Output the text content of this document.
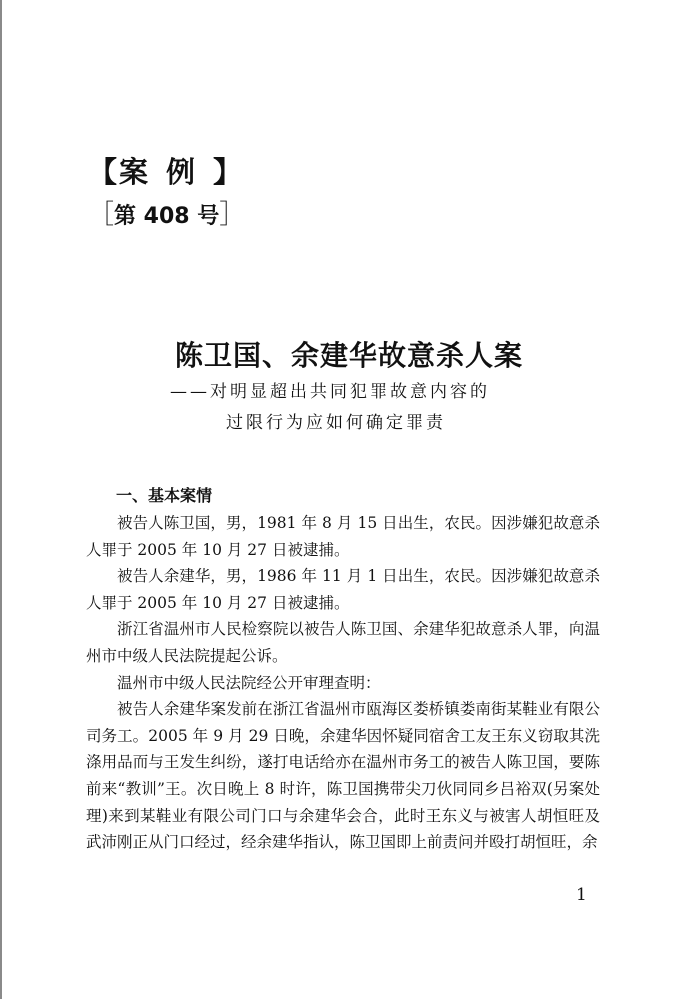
【案例】
［第 408 号］
陈卫国、余建华故意杀人案
——对明显超出共同犯罪故意内容的
过限行为应如何确定罪责
一、基本案情

被告人陈卫国，男，1981 年 8 月 15 日出生，农民。因涉嫌犯故意杀人罪于 2005 年 10 月 27 日被逮捕。

被告人余建华，男，1986 年 11 月 1 日出生，农民。因涉嫌犯故意杀人罪于 2005 年 10 月 27 日被逮捕。

浙江省温州市人民检察院以被告人陈卫国、余建华犯故意杀人罪，向温州市中级人民法院提起公诉。

温州市中级人民法院经公开审理查明：

被告人余建华案发前在浙江省温州市瓯海区娄桥镇娄南街某鞋业有限公司务工。2005 年 9 月 29 日晚，余建华因怀疑同宿舍工友王东义窃取其洗涤用品而与王发生纠纷，遂打电话给亦在温州市务工的被告人陈卫国，要陈前来“教训”王。次日晚上 8 时许，陈卫国携带尖刀伙同同乡吕裕双(另案处理)来到某鞋业有限公司门口与余建华会合，此时王东义与被害人胡恒旺及武沛刚正从门口经过，经余建华指认，陈卫国即上前责问并殴打胡恒旺，余

1
